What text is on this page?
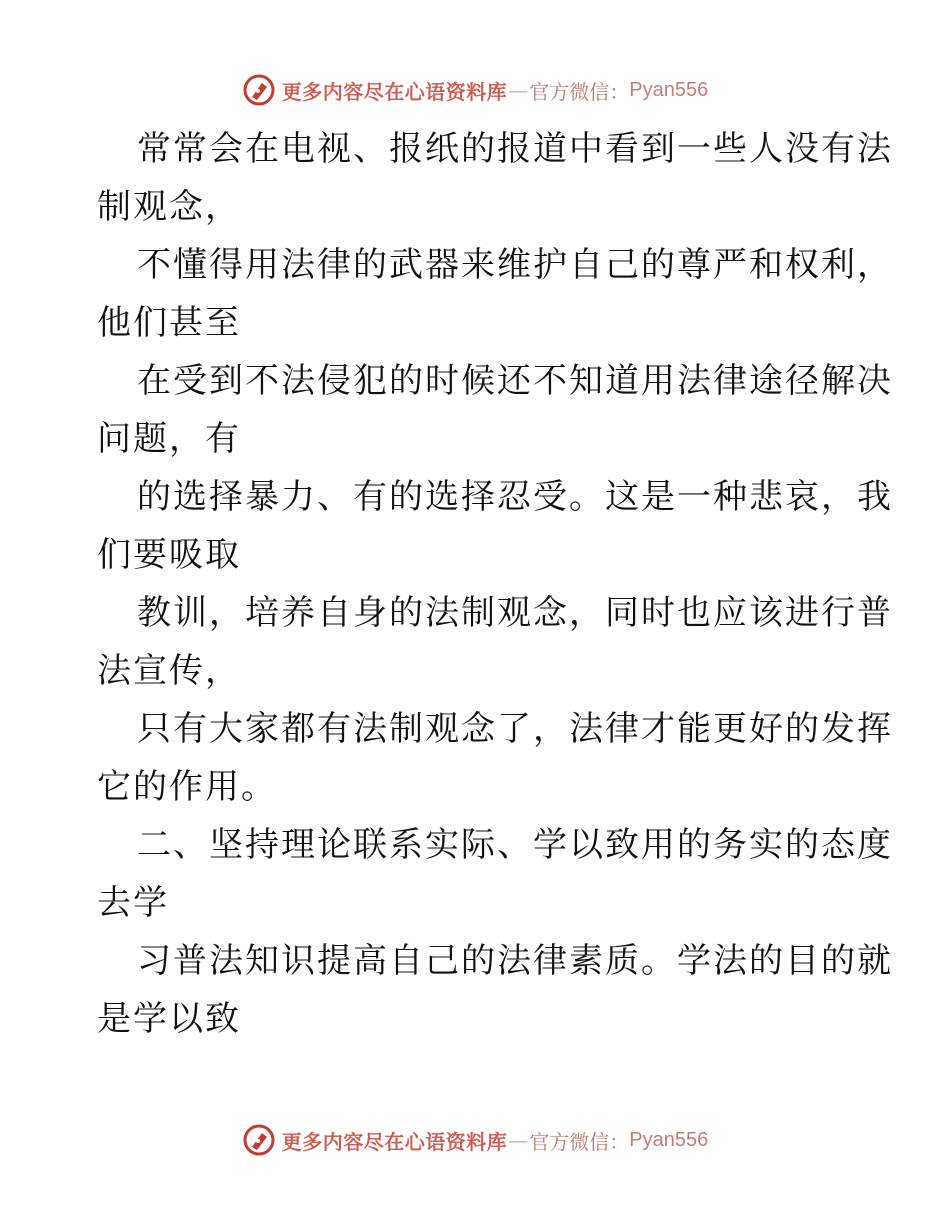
更多内容尽在心语资料库 — 官方微信： Pyan556
常常会在电视、报纸的报道中看到一些人没有法
制观念，
不懂得用法律的武器来维护自己的尊严和权利，
他们甚至
在受到不法侵犯的时候还不知道用法律途径解决
问题，有
的选择暴力、有的选择忍受。这是一种悲哀，我
们要吸取
教训，培养自身的法制观念，同时也应该进行普
法宣传，
只有大家都有法制观念了，法律才能更好的发挥
它的作用。
二、坚持理论联系实际、学以致用的务实的态度
去学
习普法知识提高自己的法律素质。学法的目的就
是学以致
更多内容尽在心语资料库 — 官方微信： Pyan556
